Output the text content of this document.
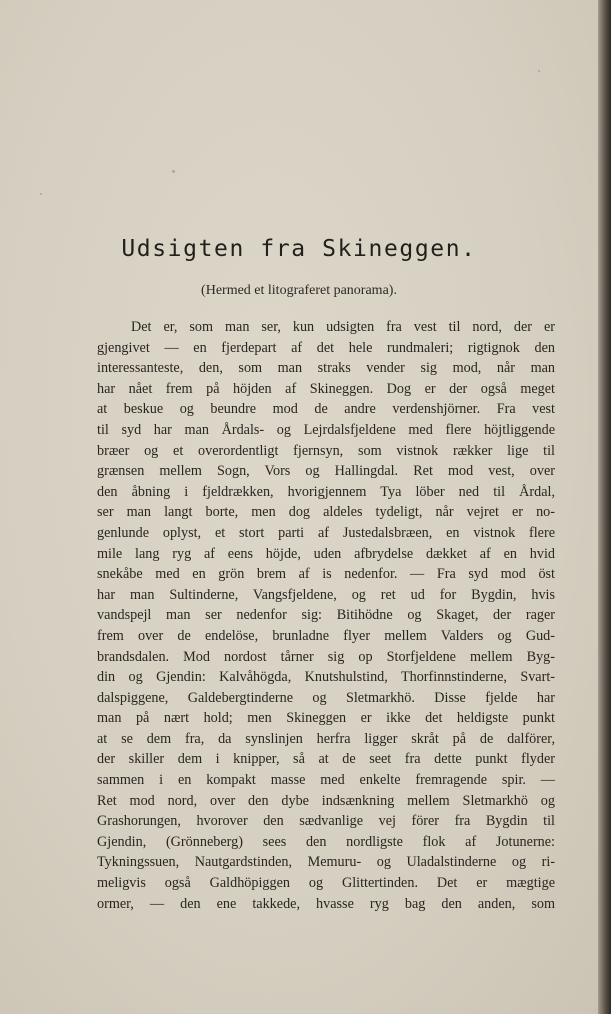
Udsigten fra Skineggen.

(Hermed et litograferet panorama).

Det er, som man ser, kun udsigten fra vest til nord, der er
gjengivet — en fjerdepart af det hele rundmaleri; rigtignok den
interessanteste, den, som man straks vender sig mod, når man
har nået frem på höjden af Skineggen. Dog er der også meget
at beskue og beundre mod de andre verdenshjörner. Fra vest
til syd har man Årdals- og Lejrdalsfjeldene med flere höjtliggende
bræer og et overordentligt fjernsyn, som vistnok rækker lige til
grænsen mellem Sogn, Vors og Hallingdal. Ret mod vest, over
den åbning i fjeldrækken, hvorigjennem Tya löber ned til Årdal,
ser man langt borte, men dog aldeles tydeligt, når vejret er no-
genlunde oplyst, et stort parti af Justedalsbræen, en vistnok flere
mile lang ryg af eens höjde, uden afbrydelse dækket af en hvid
snekåbe med en grön brem af is nedenfor. — Fra syd mod öst
har man Sultinderne, Vangsfjeldene, og ret ud for Bygdin, hvis
vandspejl man ser nedenfor sig: Bitihödne og Skaget, der rager
frem over de endelöse, brunladne flyer mellem Valders og Gud-
brandsdalen. Mod nordost tårner sig op Storfjeldene mellem Byg-
din og Gjendin: Kalvåhögda, Knutshulstind, Thorfinnstinderne, Svart-
dalspiggene, Galdebergtinderne og Sletmarkhö. Disse fjelde har
man på nært hold; men Skineggen er ikke det heldigste punkt
at se dem fra, da synslinjen herfra ligger skråt på de dalförer,
der skiller dem i knipper, så at de seet fra dette punkt flyder
sammen i en kompakt masse med enkelte fremragende spir. —
Ret mod nord, over den dybe indsænkning mellem Sletmarkhö og
Grashorungen, hvorover den sædvanlige vej förer fra Bygdin til
Gjendin, (Grönneberg) sees den nordligste flok af Jotunerne:
Tykningssuen, Nautgardstinden, Memuru- og Uladalstinderne og ri-
meligvis også Galdhöpiggen og Glittertinden. Det er mægtige
ormer, — den ene takkede, hvasse ryg bag den anden, som
